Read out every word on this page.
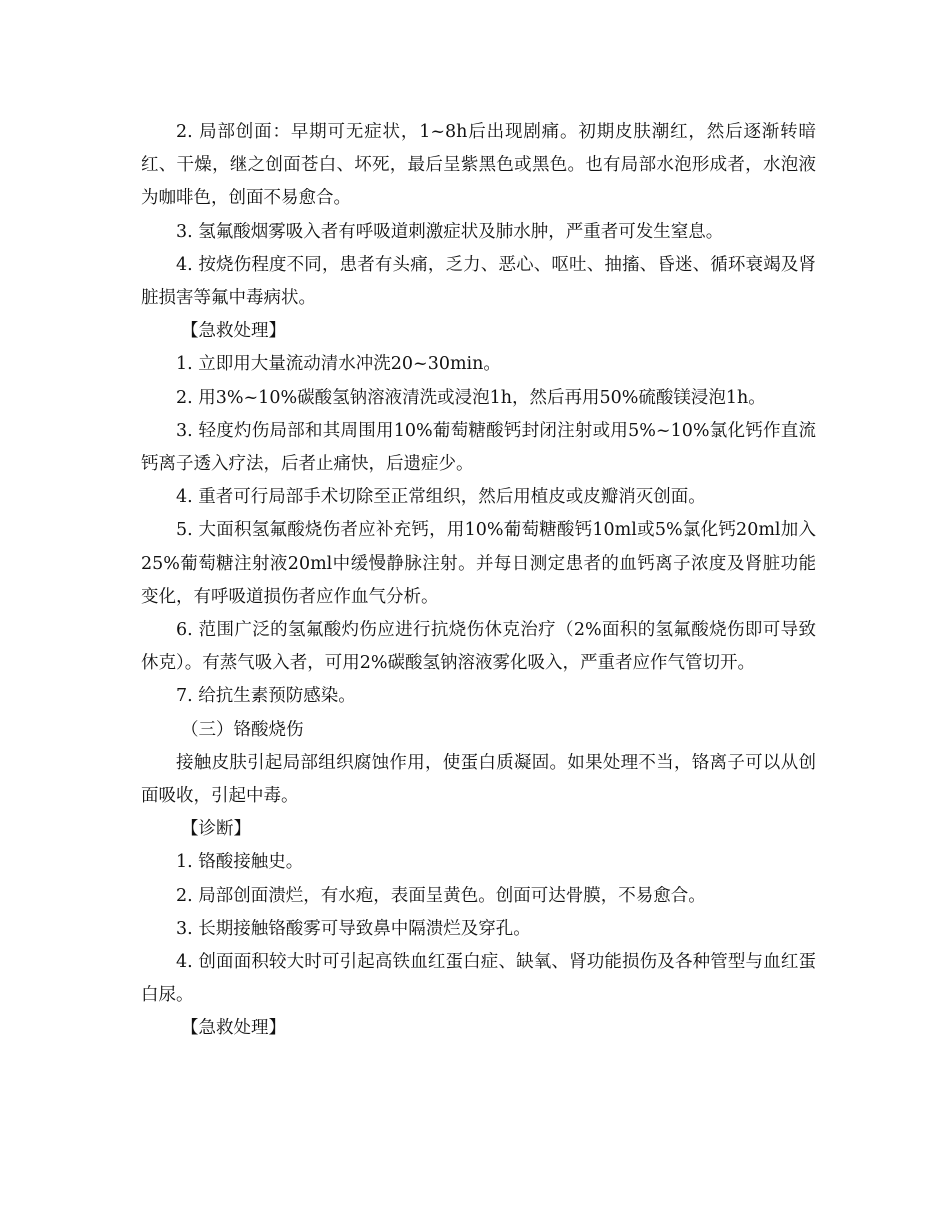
2. 局部创面：早期可无症状，1~8h后出现剧痛。初期皮肤潮红，然后逐渐转暗红、干燥，继之创面苍白、坏死，最后呈紫黑色或黑色。也有局部水泡形成者，水泡液为咖啡色，创面不易愈合。

3. 氢氟酸烟雾吸入者有呼吸道刺激症状及肺水肿，严重者可发生窒息。

4. 按烧伤程度不同，患者有头痛，乏力、恶心、呕吐、抽搐、昏迷、循环衰竭及肾脏损害等氟中毒病状。

【急救处理】

1. 立即用大量流动清水冲洗20~30min。

2. 用3%~10%碳酸氢钠溶液清洗或浸泡1h，然后再用50%硫酸镁浸泡1h。

3. 轻度灼伤局部和其周围用10%葡萄糖酸钙封闭注射或用5%~10%氯化钙作直流钙离子透入疗法，后者止痛快，后遗症少。

4. 重者可行局部手术切除至正常组织，然后用植皮或皮瓣消灭创面。

5. 大面积氢氟酸烧伤者应补充钙，用10%葡萄糖酸钙10ml或5%氯化钙20ml加入25%葡萄糖注射液20ml中缓慢静脉注射。并每日测定患者的血钙离子浓度及肾脏功能变化，有呼吸道损伤者应作血气分析。

6. 范围广泛的氢氟酸灼伤应进行抗烧伤休克治疗（2%面积的氢氟酸烧伤即可导致休克）。有蒸气吸入者，可用2%碳酸氢钠溶液雾化吸入，严重者应作气管切开。

7. 给抗生素预防感染。

（三）铬酸烧伤

接触皮肤引起局部组织腐蚀作用，使蛋白质凝固。如果处理不当，铬离子可以从创面吸收，引起中毒。

【诊断】

1. 铬酸接触史。

2. 局部创面溃烂，有水疱，表面呈黄色。创面可达骨膜，不易愈合。

3. 长期接触铬酸雾可导致鼻中隔溃烂及穿孔。

4. 创面面积较大时可引起高铁血红蛋白症、缺氧、肾功能损伤及各种管型与血红蛋白尿。

【急救处理】
